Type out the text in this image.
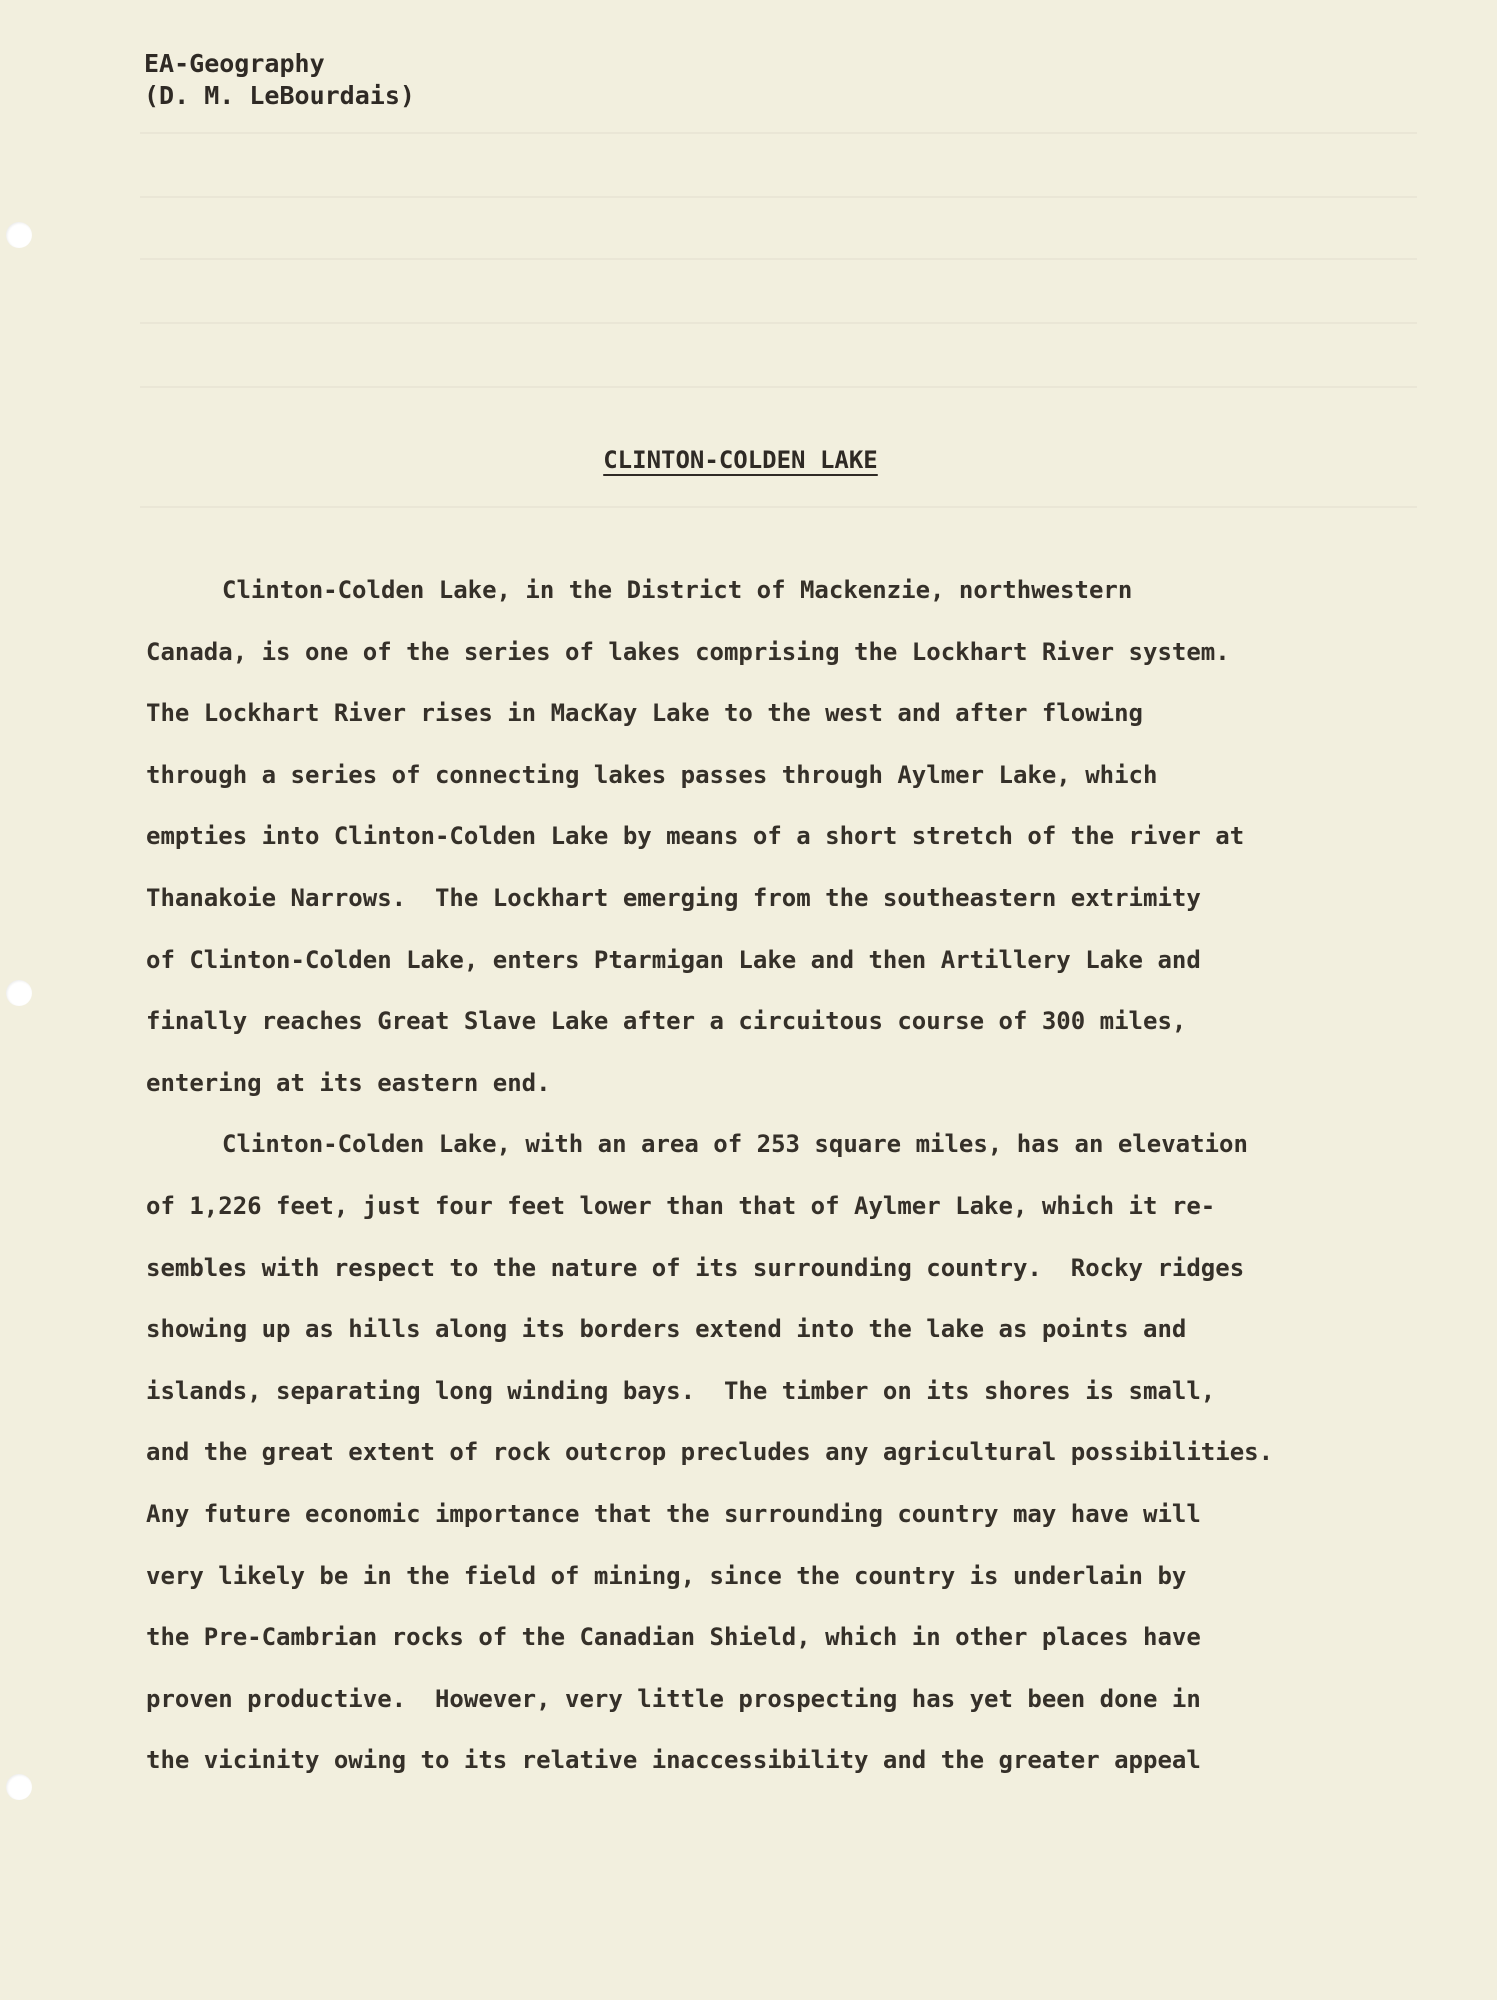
EA-Geography
(D. M. LeBourdais)
CLINTON-COLDEN LAKE
Clinton-Colden Lake, in the District of Mackenzie, northwestern
Canada, is one of the series of lakes comprising the Lockhart River system.
The Lockhart River rises in MacKay Lake to the west and after flowing
through a series of connecting lakes passes through Aylmer Lake, which
empties into Clinton-Colden Lake by means of a short stretch of the river at
Thanakoie Narrows.  The Lockhart emerging from the southeastern extrimity
of Clinton-Colden Lake, enters Ptarmigan Lake and then Artillery Lake and
finally reaches Great Slave Lake after a circuitous course of 300 miles,
entering at its eastern end.
Clinton-Colden Lake, with an area of 253 square miles, has an elevation
of 1,226 feet, just four feet lower than that of Aylmer Lake, which it re-
sembles with respect to the nature of its surrounding country.  Rocky ridges
showing up as hills along its borders extend into the lake as points and
islands, separating long winding bays.  The timber on its shores is small,
and the great extent of rock outcrop precludes any agricultural possibilities.
Any future economic importance that the surrounding country may have will
very likely be in the field of mining, since the country is underlain by
the Pre-Cambrian rocks of the Canadian Shield, which in other places have
proven productive.  However, very little prospecting has yet been done in
the vicinity owing to its relative inaccessibility and the greater appeal
